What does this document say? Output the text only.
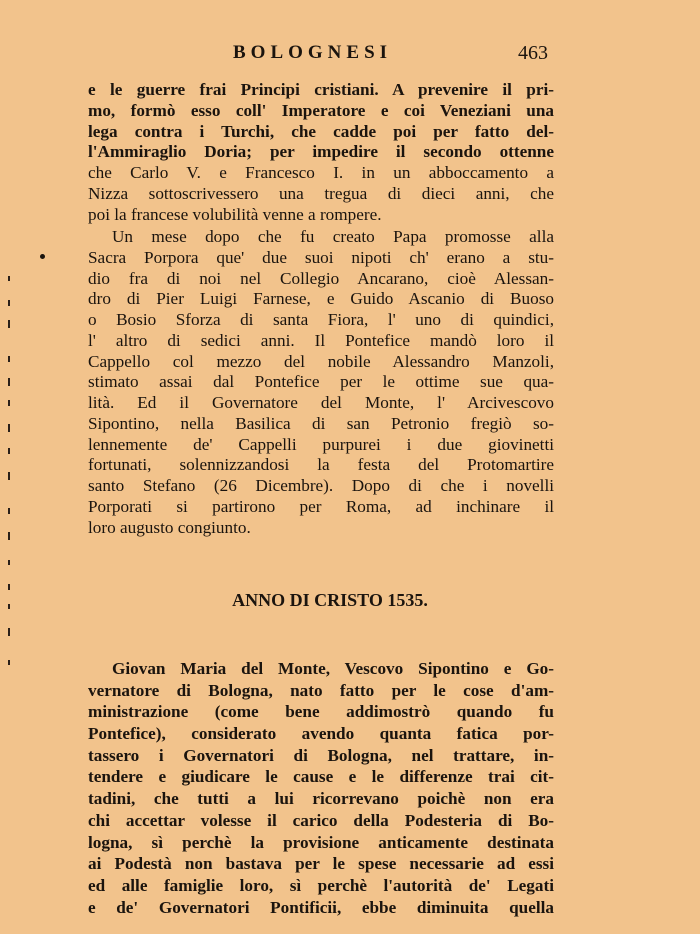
BOLOGNESI	463
e le guerre frai Principi cristiani. A prevenire il pri-
mo, formò esso coll' Imperatore e coi Veneziani una
lega contra i Turchi, che cadde poi per fatto del-
l'Ammiraglio Doria; per impedire il secondo ottenne
che Carlo V. e Francesco I. in un abboccamento a
Nizza sottoscrivessero una tregua di dieci anni, che
poi la francese volubilità venne a rompere.
Un mese dopo che fu creato Papa promosse alla
Sacra Porpora que' due suoi nipoti ch' erano a stu-
dio fra di noi nel Collegio Ancarano, cioè Alessan-
dro di Pier Luigi Farnese, e Guido Ascanio di Buoso
o Bosio Sforza di santa Fiora, l' uno di quindici,
l' altro di sedici anni. Il Pontefice mandò loro il
Cappello col mezzo del nobile Alessandro Manzoli,
stimato assai dal Pontefice per le ottime sue qua-
lità. Ed il Governatore del Monte, l' Arcivescovo
Sipontino, nella Basilica di san Petronio fregiò so-
lennemente de' Cappelli purpurei i due giovinetti
fortunati, solennizzandosi la festa del Protomartire
santo Stefano (26 Dicembre). Dopo di che i novelli
Porporati si partirono per Roma, ad inchinare il
loro augusto congiunto.
ANNO DI CRISTO 1535.
Giovan Maria del Monte, Vescovo Sipontino e Go-
vernatore di Bologna, nato fatto per le cose d'am-
ministrazione (come bene addimostrò quando fu
Pontefice), considerato avendo quanta fatica por-
tassero i Governatori di Bologna, nel trattare, in-
tendere e giudicare le cause e le differenze trai cit-
tadini, che tutti a lui ricorrevano poichè non era
chi accettar volesse il carico della Podesteria di Bo-
logna, sì perchè la provisione anticamente destinata
ai Podestà non bastava per le spese necessarie ad essi
ed alle famiglie loro, sì perchè l'autorità de' Legati
e de' Governatori Pontificii, ebbe diminuita quella
